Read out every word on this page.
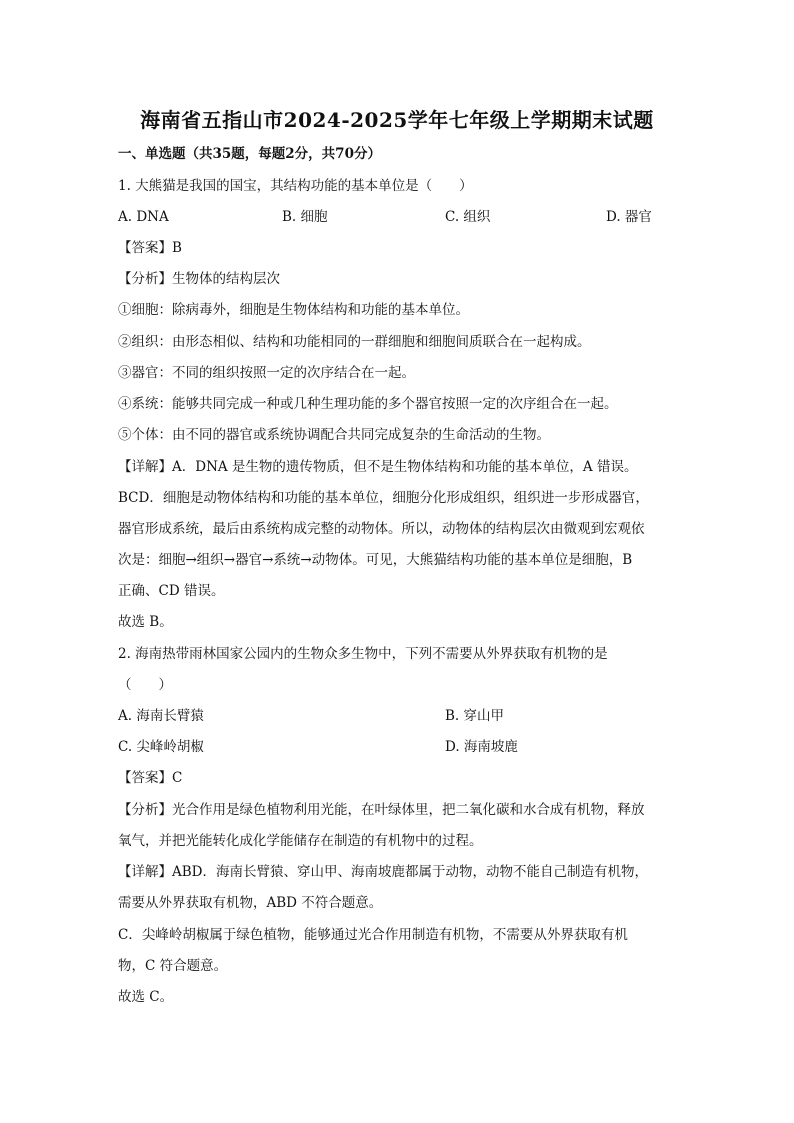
海南省五指山市2024-2025学年七年级上学期期末试题
一、单选题（共35题，每题2分，共70分）
1. 大熊猫是我国的国宝，其结构功能的基本单位是（　　）
A. DNA	B. 细胞	C. 组织	D. 器官
【答案】B
【分析】生物体的结构层次
①细胞：除病毒外，细胞是生物体结构和功能的基本单位。
②组织：由形态相似、结构和功能相同的一群细胞和细胞间质联合在一起构成。
③器官：不同的组织按照一定的次序结合在一起。
④系统：能够共同完成一种或几种生理功能的多个器官按照一定的次序组合在一起。
⑤个体：由不同的器官或系统协调配合共同完成复杂的生命活动的生物。
【详解】A．DNA 是生物的遗传物质，但不是生物体结构和功能的基本单位，A 错误。
BCD．细胞是动物体结构和功能的基本单位，细胞分化形成组织，组织进一步形成器官，
器官形成系统，最后由系统构成完整的动物体。所以，动物体的结构层次由微观到宏观依
次是：细胞→组织→器官→系统→动物体。可见，大熊猫结构功能的基本单位是细胞，B
正确、CD 错误。
故选 B。
2. 海南热带雨林国家公园内的生物众多生物中，下列不需要从外界获取有机物的是
（　　）
A. 海南长臂猿	B. 穿山甲
C. 尖峰岭胡椒	D. 海南坡鹿
【答案】C
【分析】光合作用是绿色植物利用光能，在叶绿体里，把二氧化碳和水合成有机物，释放
氧气，并把光能转化成化学能储存在制造的有机物中的过程。
【详解】ABD．海南长臂猿、穿山甲、海南坡鹿都属于动物，动物不能自己制造有机物，
需要从外界获取有机物，ABD 不符合题意。
C．尖峰岭胡椒属于绿色植物，能够通过光合作用制造有机物，不需要从外界获取有机
物，C 符合题意。
故选 C。
